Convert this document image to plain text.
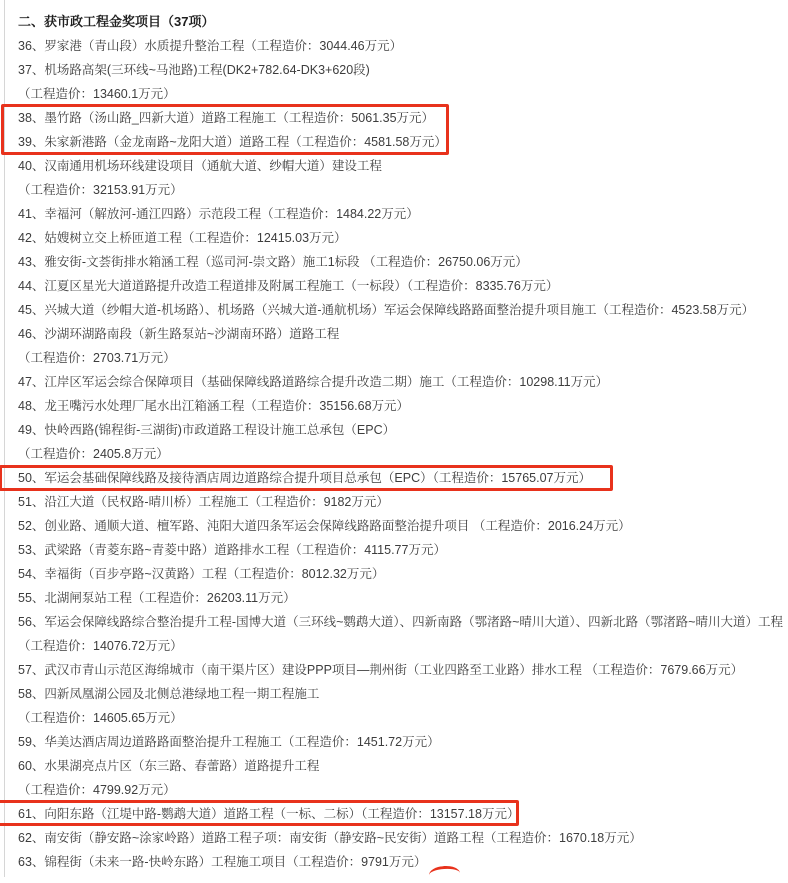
二、获市政工程金奖项目（37项）

36、罗家港（青山段）水质提升整治工程（工程造价：3044.46万元）

37、机场路高架(三环线~马池路)工程(DK2+782.64-DK3+620段)

（工程造价：13460.1万元）

38、墨竹路（汤山路_四新大道）道路工程施工（工程造价：5061.35万元）

39、朱家新港路（金龙南路~龙阳大道）道路工程（工程造价：4581.58万元）

40、汉南通用机场环线建设项目（通航大道、纱帽大道）建设工程

（工程造价：32153.91万元）

41、幸福河（解放河-通江四路）示范段工程（工程造价：1484.22万元）

42、姑嫂树立交上桥匝道工程（工程造价：12415.03万元）

43、雅安街-文荟街排水箱涵工程（巡司河-崇文路）施工1标段 （工程造价：26750.06万元）

44、江夏区星光大道道路提升改造工程道排及附属工程施工（一标段）（工程造价：8335.76万元）

45、兴城大道（纱帽大道-机场路）、机场路（兴城大道-通航机场）军运会保障线路路面整治提升项目施工（工程造价：4523.58万元）

46、沙湖环湖路南段（新生路泵站~沙湖南环路）道路工程

（工程造价：2703.71万元）

47、江岸区军运会综合保障项目（基础保障线路道路综合提升改造二期）施工（工程造价：10298.11万元）

48、龙王嘴污水处理厂尾水出江箱涵工程（工程造价：35156.68万元）

49、快岭西路(锦程街-三湖街)市政道路工程设计施工总承包（EPC）

（工程造价：2405.8万元）

50、军运会基础保障线路及接待酒店周边道路综合提升项目总承包（EPC）（工程造价：15765.07万元）

51、沿江大道（民权路-晴川桥）工程施工（工程造价：9182万元）

52、创业路、通顺大道、檀军路、沌阳大道四条军运会保障线路路面整治提升项目 （工程造价：2016.24万元）

53、武梁路（青菱东路~青菱中路）道路排水工程（工程造价：4115.77万元）

54、幸福街（百步亭路~汉黄路）工程（工程造价：8012.32万元）

55、北湖闸泵站工程（工程造价：26203.11万元）

56、军运会保障线路综合整治提升工程-国博大道（三环线~鹦鹉大道）、四新南路（鄂渚路~晴川大道）、四新北路（鄂渚路~晴川大道）工程

（工程造价：14076.72万元）

57、武汉市青山示范区海绵城市（南干渠片区）建设PPP项目—荆州街（工业四路至工业路）排水工程 （工程造价：7679.66万元）

58、四新凤凰湖公园及北侧总港绿地工程一期工程施工

（工程造价：14605.65万元）

59、华美达酒店周边道路路面整治提升工程施工（工程造价：1451.72万元）

60、水果湖亮点片区（东三路、春蕾路）道路提升工程

（工程造价：4799.92万元）

61、向阳东路（江堤中路-鹦鹉大道）道路工程（一标、二标）（工程造价：13157.18万元）

62、南安街（静安路~涂家岭路）道路工程子项：南安街（静安路~民安街）道路工程（工程造价：1670.18万元）

63、锦程街（未来一路-快岭东路）工程施工项目（工程造价：9791万元）
